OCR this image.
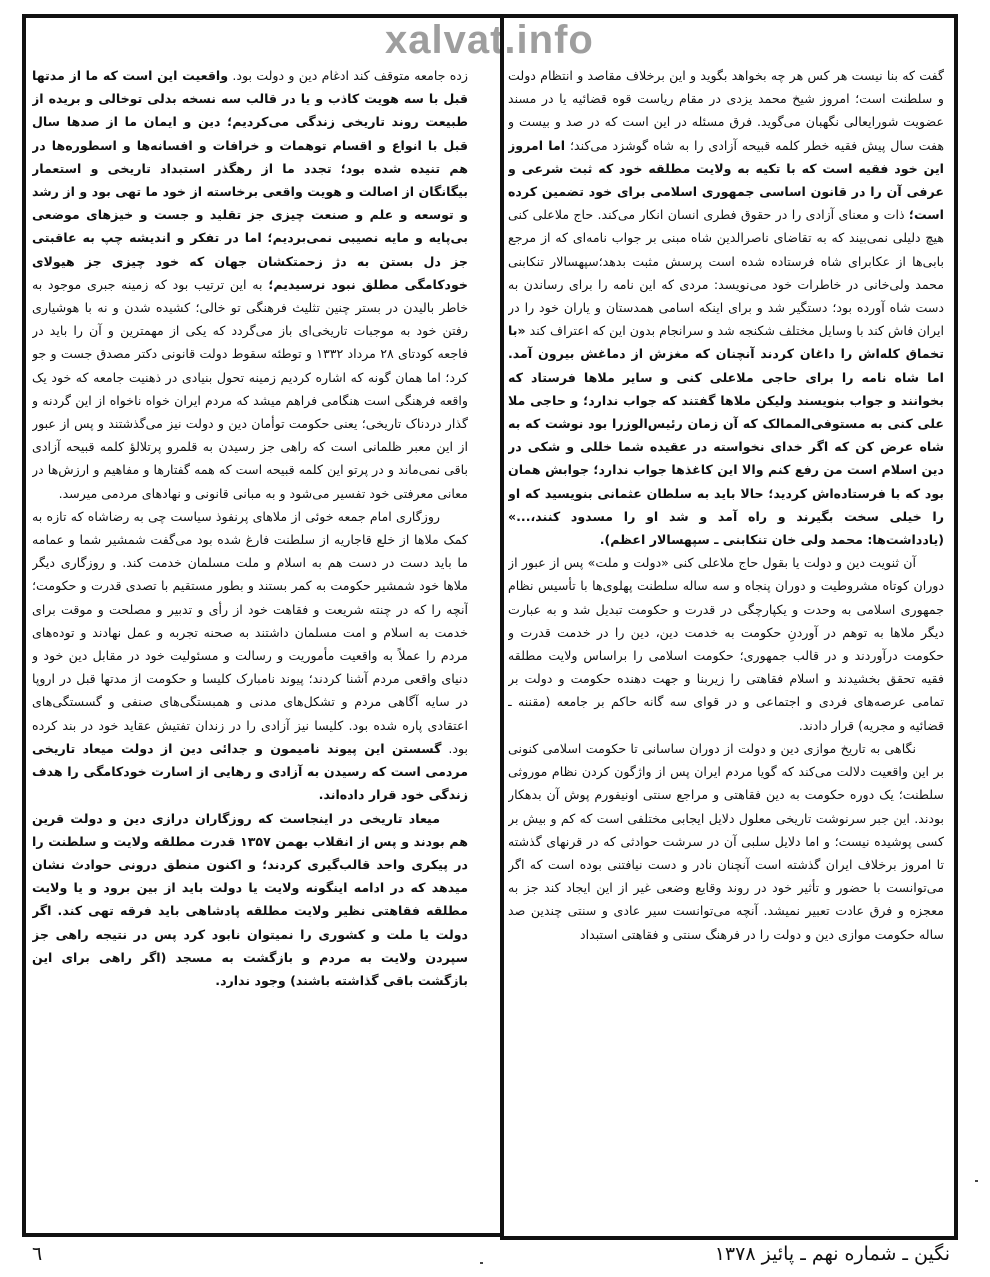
xalvat.info

گفت که بنا نیست هر کس هر چه بخواهد بگوید و این برخلاف مقاصد و انتظام دولت و سلطنت است؛ امروز شیخ محمد یزدی در مقام ریاست قوه قضائیه یا در مسند عضویت شورایعالی نگهبان می‌گوید. فرق مسئله در این است که در صد و بیست و هفت سال پیش فقیه خطر کلمه قبیحه آزادی را به شاه گوشزد می‌کند؛ اما امروز این خود فقیه است که با تکیه به ولایت مطلقه خود که ثبت شرعی و عرفی آن را در قانون اساسی جمهوری اسلامی برای خود تضمین کرده است؛ ذات و معنای آزادی را در حقوق فطری انسان انکار می‌کند. حاج ملاعلی کنی هیچ دلیلی نمی‌بیند که به تقاضای ناصرالدین شاه مبنی بر جواب نامه‌ای که از مرجع بابی‌ها از عکابرای شاه فرستاده شده است پرسش مثبت بدهد؛سپهسالار تنکابنی محمد ولی‌خانی در خاطرات خود می‌نویسد: مردی که این نامه را برای رساندن به دست شاه آورده بود؛ دستگیر شد و برای اینکه اسامی همدستان و یاران خود را در ایران فاش کند با وسایل مختلف شکنجه شد و سرانجام بدون این که اعتراف کند «با تخماق کله‌اش را داغان کردند آنچنان که مغزش از دماغش بیرون آمد. اما شاه نامه را برای حاجی ملاعلی کنی و سایر ملاها فرستاد که بخوانند و جواب بنویسند ولیکن ملاها گفتند که جواب ندارد؛ و حاجی ملا علی کنی به مستوفی‌الممالک که آن زمان رئیس‌الوزرا بود نوشت که به شاه عرض کن که اگر خدای نخواسته در عقیده شما خللی و شکی در دین اسلام است من رفع کنم والا این کاغذها جواب ندارد؛ جوابش همان بود که با فرستاده‌اش کردید؛ حالا باید به سلطان عثمانی بنویسید که او را خیلی سخت بگیرند و راه آمد و شد او را مسدود کنند،...» (یادداشت‌ها: محمد ولی خان تنکابنی ـ سپهسالار اعظم).

آن ثنویت دین و دولت یا بقول حاج ملاعلی کنی «دولت و ملت» پس از عبور از دوران کوتاه مشروطیت و دوران پنجاه و سه ساله سلطنت پهلوی‌ها با تأسیس نظام جمهوری اسلامی به وحدت و یکپارچگی در قدرت و حکومت تبدیل شد و به عبارت دیگر ملاها به توهم در آوردنِ حکومت به خدمت دین، دین را در خدمت قدرت و حکومت درآوردند و در قالب جمهوری؛ حکومت اسلامی را براساس ولایت مطلقه فقیه تحقق بخشیدند و اسلام فقاهتی را زیربنا و جهت دهنده حکومت و دولت بر تمامی عرصه‌های فردی و اجتماعی و در قوای سه گانه حاکم بر جامعه (مقننه ـ قضائیه و مجریه) قرار دادند.

نگاهی به تاریخ موازی دین و دولت از دوران ساسانی تا حکومت اسلامی کنونی بر این واقعیت دلالت می‌کند که گویا مردم ایران پس از واژگون کردن نظام موروثی سلطنت؛ یک دوره حکومت به دین فقاهتی و مراجع سنتی اونیفورم پوش آن بدهکار بودند. این جبر سرنوشت تاریخی معلول دلایل ایجابی مختلفی است که کم و بیش بر کسی پوشیده نیست؛ و اما دلایل سلبی آن در سرشت حوادثی که در قرنهای گذشته تا امروز برخلاف ایران گذشته است آنچنان نادر و دست نیافتنی بوده است که اگر می‌توانست با حضور و تأثیر خود در روند وقایع وضعی غیر از این ایجاد کند جز به معجزه و فرق عادت تعبیر نمیشد. آنچه می‌توانست سیر عادی و سنتی چندین صد ساله حکومت موازی دین و دولت را در فرهنگ سنتی و فقاهتی استبداد

زده جامعه متوقف کند ادغام دین و دولت بود. واقعیت این است که ما از مدتها قبل با سه هویت کاذب و یا در قالب سه نسخه بدلی توخالی و بریده از طبیعت روند تاریخی زندگی می‌کردیم؛ دین و ایمان ما از صدها سال قبل با انواع و اقسام توهمات و خرافات و افسانه‌ها و اسطوره‌ها در هم تنیده شده بود؛ تجدد ما از رهگذر استبداد تاریخی و استعمار بیگانگان از اصالت و هویت واقعی برخاسته از خود ما تهی بود و از رشد و توسعه و علم و صنعت چیزی جز تقلید و جست و خیزهای موضعی بی‌پایه و مایه نصیبی نمی‌بردیم؛ اما در تفکر و اندیشه چپ به عاقبتی جز دل بستن به دژ زحمتکشان جهان که خود چیزی جز هیولای خودکامگی مطلق نبود نرسیدیم؛ به این ترتیب بود که زمینه جبری موجود به خاطر بالیدن در بستر چنین تثلیث فرهنگی تو خالی؛ کشیده شدن و نه با هوشیاری رفتن خود به موجبات تاریخی‌ای باز می‌گردد که یکی از مهمترین و آن را باید در فاجعه کودتای ۲۸ مرداد ۱۳۳۲ و توطئه سقوط دولت قانونی دکتر مصدق جست و جو کرد؛ اما همان گونه که اشاره کردیم زمینه تحول بنیادی در ذهنیت جامعه که خود یک واقعه فرهنگی است هنگامی فراهم میشد که مردم ایران خواه ناخواه از این گردنه و گذار دردناک تاریخی؛ یعنی حکومت توأمان دین و دولت نیز می‌گذشتند و پس از عبور از این معبر ظلمانی است که راهی جز رسیدن به قلمرو پرتلالؤ کلمه قبیحه آزادی باقی نمی‌ماند و در پرتو این کلمه قبیحه است که همه گفتارها و مفاهیم و ارزش‌ها در معانی معرفتی خود تفسیر می‌شود و به مبانی قانونی و نهادهای مردمی میرسد.

روزگاری امام جمعه خوئی از ملاهای پرنفوذ سیاست چی به رضاشاه که تازه به کمک ملاها از خلع قاجاریه از سلطنت فارغ شده بود می‌گفت شمشیر شما و عمامه ما باید دست در دست هم به اسلام و ملت مسلمان خدمت کند. و روزگاری دیگر ملاها خود شمشیر حکومت به کمر بستند و بطور مستقیم با تصدی قدرت و حکومت؛ آنچه را که در چنته شریعت و فقاهت خود از رأی و تدبیر و مصلحت و موقت برای خدمت به اسلام و امت مسلمان داشتند به صحنه تجربه و عمل نهادند و توده‌های مردم را عملاً به واقعیت مأموریت و رسالت و مسئولیت خود در مقابل دین خود و دنیای واقعی مردم آشنا کردند؛ پیوند نامبارک کلیسا و حکومت از مدتها قبل در اروپا در سایه آگاهی مردم و تشکل‌های مدنی و همبستگی‌های صنفی و گسستگی‌های اعتقادی پاره شده بود. کلیسا نیز آزادی را در زندان تفتیش عقاید خود در بند کرده بود. گسستن این پیوند نامیمون و جدائی دین از دولت میعاد تاریخی مردمی است که رسیدن به آزادی و رهایی از اسارت خودکامگی را هدف زندگی خود قرار داده‌اند.

میعاد تاریخی در اینجاست که روزگاران درازی دین و دولت قرین هم بودند و پس از انقلاب بهمن ۱۳۵۷ قدرت مطلقه ولایت و سلطنت را در پیکری واحد قالب‌گیری کردند؛ و اکنون منطق درونی حوادث نشان میدهد که در ادامه اینگونه ولایت یا دولت باید از بین برود و یا ولایت مطلقه فقاهتی نظیر ولایت مطلقه پادشاهی باید فرقه تهی کند. اگر دولت یا ملت و کشوری را نمیتوان نابود کرد پس در نتیجه راهی جز سپردن ولایت به مردم و بازگشت به مسجد (اگر راهی برای این بازگشت باقی گذاشته باشند) وجود ندارد.

نگین ـ شماره نهم ـ پائیز ۱۳۷۸
٦
